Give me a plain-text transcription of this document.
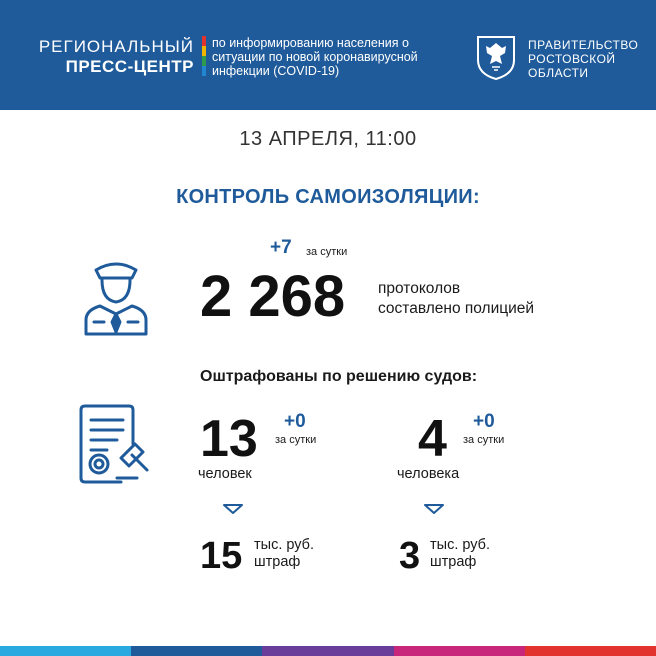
РЕГИОНАЛЬНЫЙ
ПРЕСС-ЦЕНТР
по информированию населения о ситуации по новой коронавирусной инфекции (COVID-19)
ПРАВИТЕЛЬСТВО
РОСТОВСКОЙ
ОБЛАСТИ
13 АПРЕЛЯ, 11:00
КОНТРОЛЬ САМОИЗОЛЯЦИИ:
+7 за сутки
2 268 протоколов
составлено полицией
Оштрафованы по решению судов:
13 +0
за сутки
человек
15 тыс. руб.
штраф
4 +0
за сутки
человека
3 тыс. руб.
штраф
